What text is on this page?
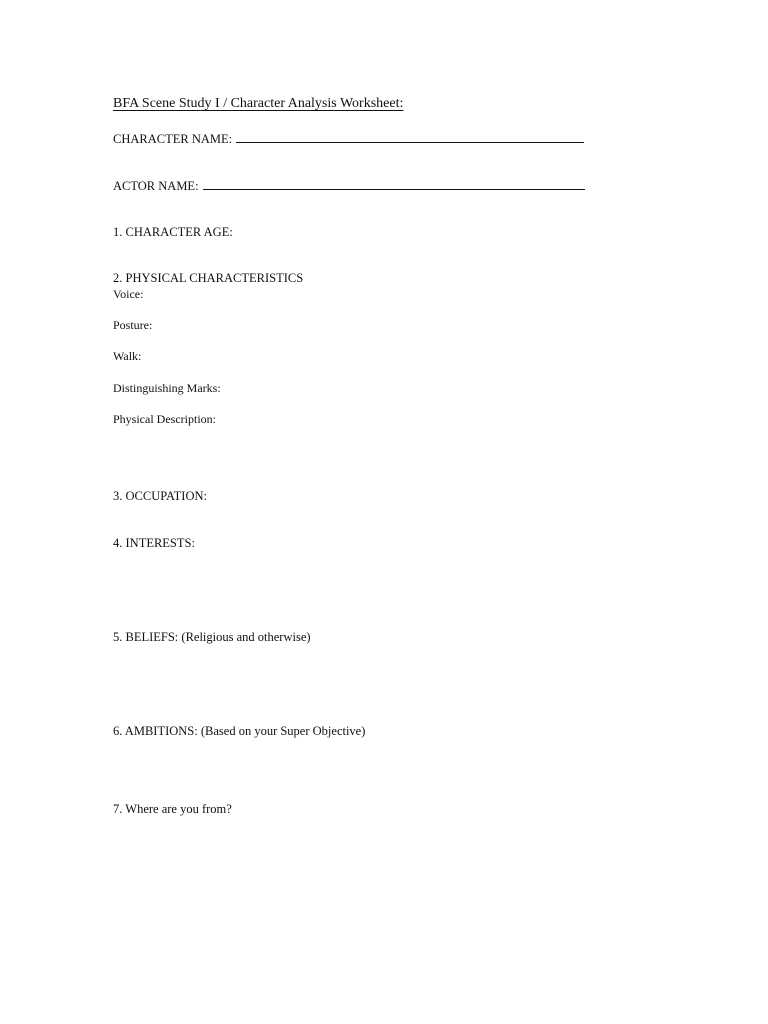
BFA Scene Study I / Character Analysis Worksheet:
CHARACTER NAME:
ACTOR NAME:
1. CHARACTER AGE:
2. PHYSICAL CHARACTERISTICS
Voice:
Posture:
Walk:
Distinguishing Marks:
Physical Description:
3. OCCUPATION:
4. INTERESTS:
5. BELIEFS: (Religious and otherwise)
6. AMBITIONS: (Based on your Super Objective)
7. Where are you from?
